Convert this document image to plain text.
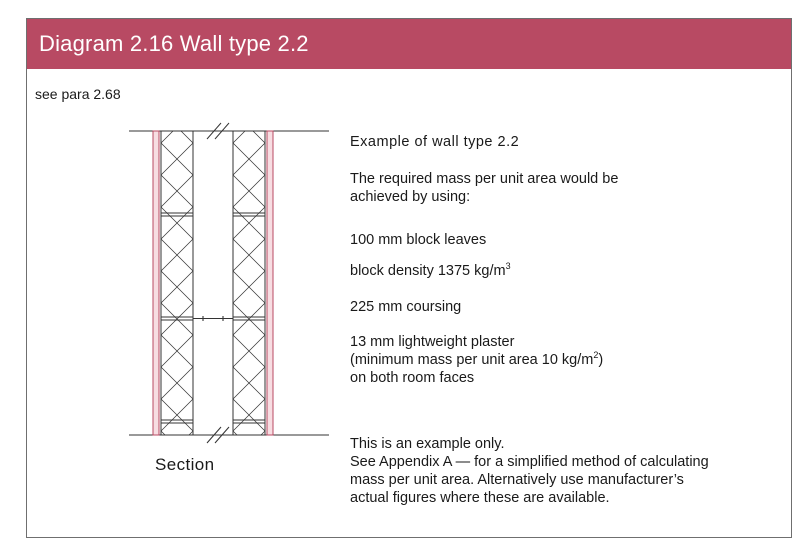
Diagram 2.16 Wall type 2.2
see para 2.68
Section
Example of wall type 2.2
The required mass per unit area would be
achieved by using:
100 mm block leaves
block density 1375 $kg/m^3$
225 mm coursing
13 mm lightweight plaster
(minimum mass per unit area 10 $kg/m^2$)
on both room faces
This is an example only.
See Appendix A — for a simplified method of calculating
mass per unit area. Alternatively use manufacturer’s
actual figures where these are available.
